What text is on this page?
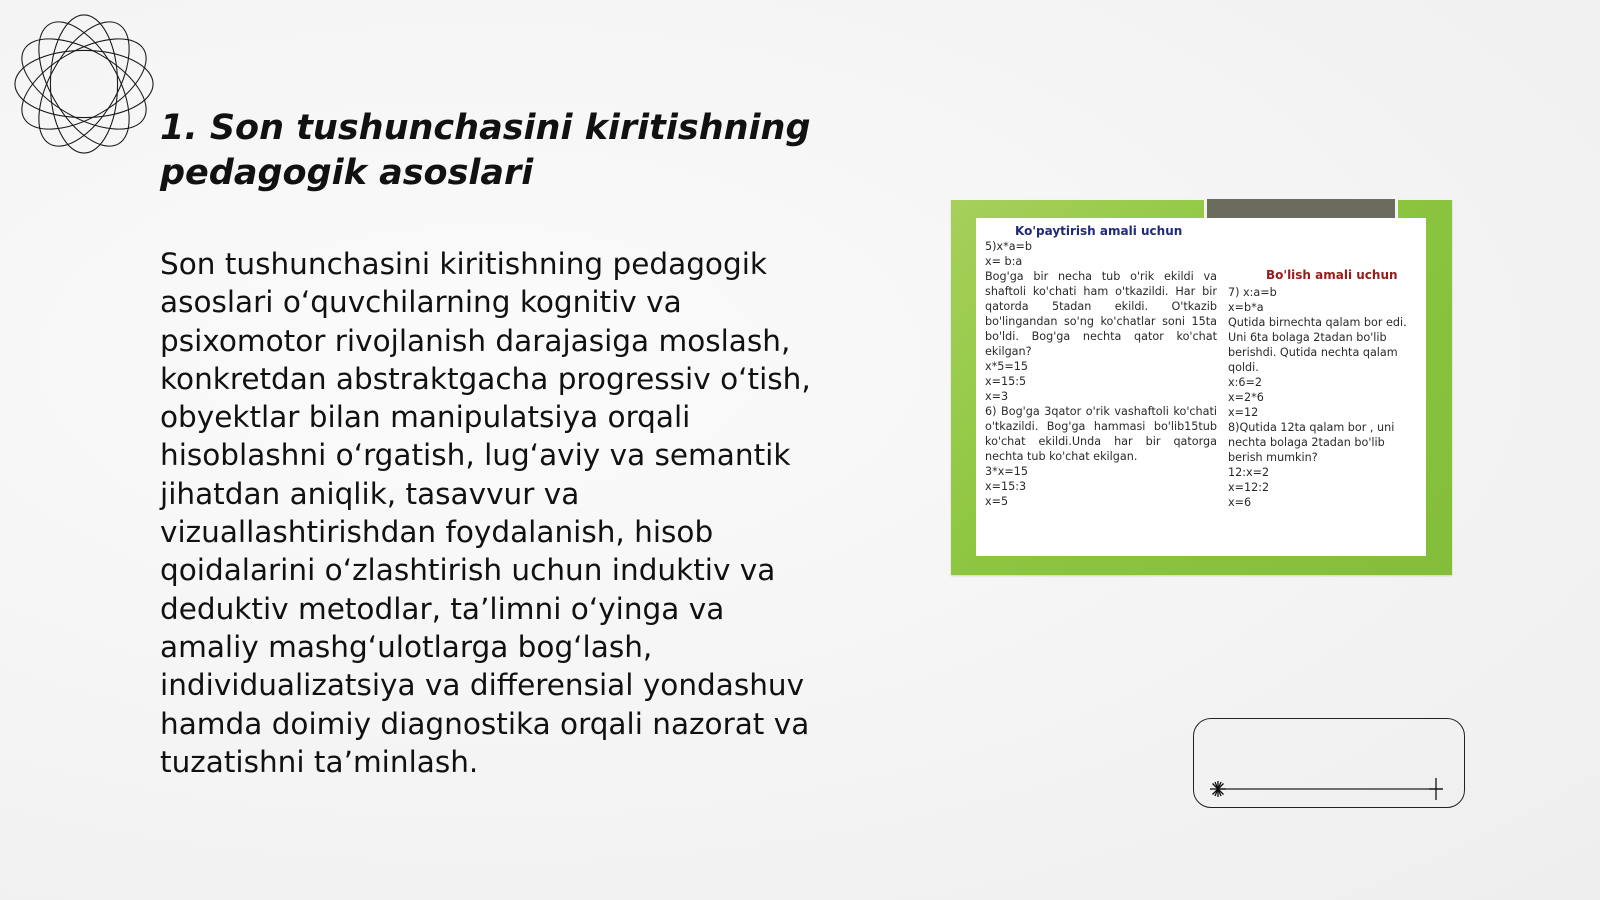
1. Son tushunchasini kiritishning pedagogik asoslari

Son tushunchasini kiritishning pedagogik asoslari o‘quvchilarning kognitiv va psixomotor rivojlanish darajasiga moslash, konkretdan abstraktgacha progressiv o‘tish, obyektlar bilan manipulatsiya orqali hisoblashni o‘rgatish, lug‘aviy va semantik jihatdan aniqlik, tasavvur va vizuallashtirishdan foydalanish, hisob qoidalarini o‘zlashtirish uchun induktiv va deduktiv metodlar, ta’limni o‘yinga va amaliy mashg‘ulotlarga bog‘lash, individualizatsiya va differensial yondashuv hamda doimiy diagnostika orqali nazorat va tuzatishni ta’minlash.

Ko'paytirish amali uchun
5)x*a=b
x= b:a
Bog'ga bir necha tub o'rik ekildi va shaftoli ko'chati ham o'tkazildi. Har bir qatorda 5tadan ekildi. O'tkazib bo'lingandan so'ng ko'chatlar soni 15ta bo'ldi. Bog'ga nechta qator ko'chat ekilgan?
x*5=15
x=15:5
x=3
6) Bog'ga 3qator o'rik vashaftoli ko'chati o'tkazildi. Bog'ga hammasi bo'lib15tub ko'chat ekildi.Unda har bir qatorga nechta tub ko'chat ekilgan.
3*x=15
x=15:3
x=5
Bo'lish amali uchun
7) x:a=b
x=b*a
Qutida birnechta qalam bor edi.
Uni 6ta bolaga 2tadan bo'lib
berishdi. Qutida nechta qalam
qoldi.
x:6=2
x=2*6
x=12
8)Qutida 12ta qalam bor , uni
nechta bolaga 2tadan bo'lib
berish mumkin?
12:x=2
x=12:2
x=6
